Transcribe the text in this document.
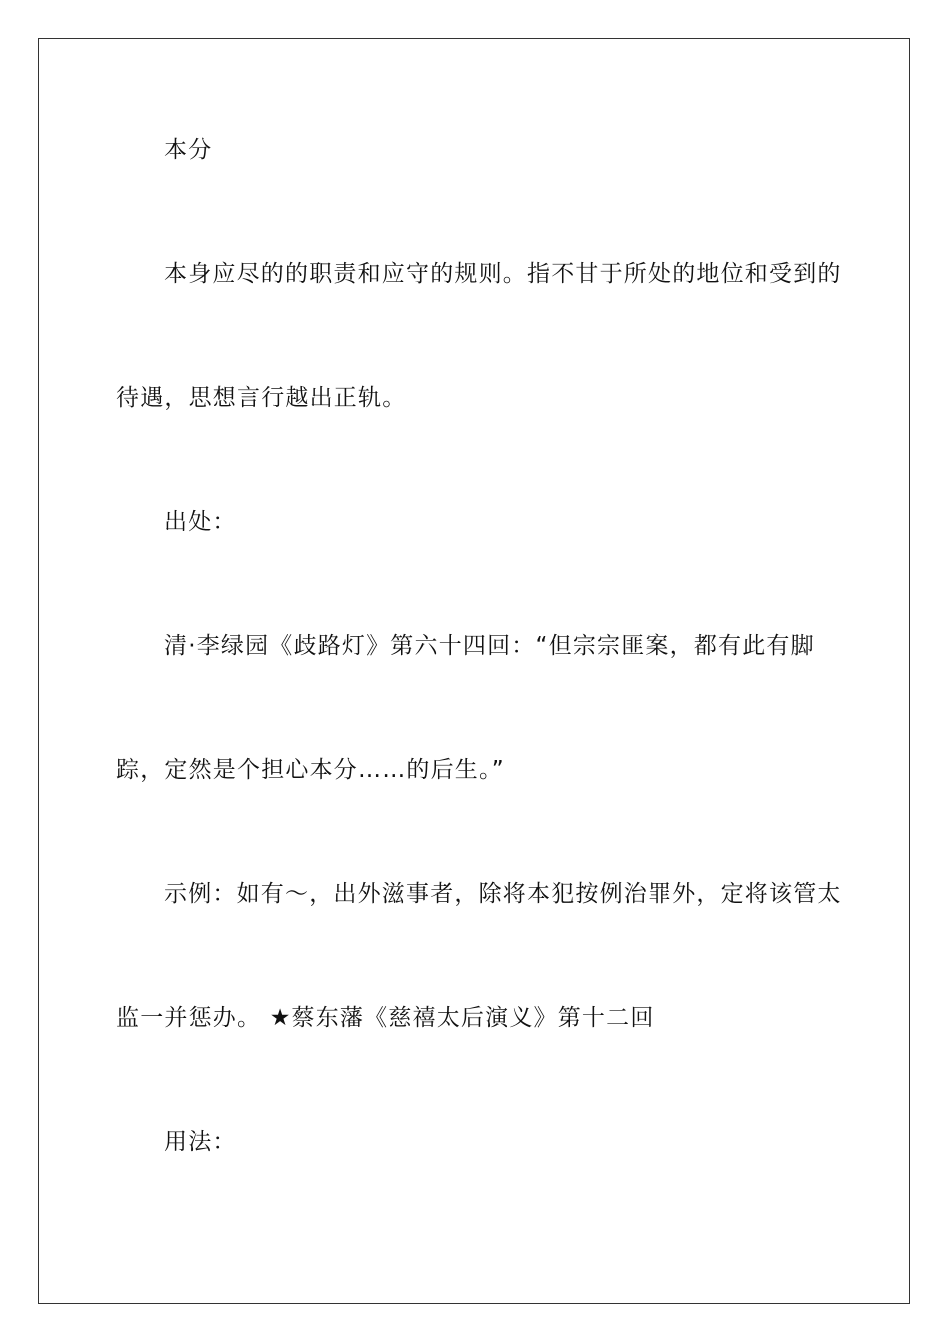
本分
本身应尽的的职责和应守的规则。指不甘于所处的地位和受到的
待遇，思想言行越出正轨。
出处：
清·李绿园《歧路灯》第六十四回：“但宗宗匪案，都有此有脚
踪，定然是个担心本分……的后生。”
示例：如有～，出外滋事者，除将本犯按例治罪外，定将该管太
监一并惩办。 ★蔡东藩《慈禧太后演义》第十二回
用法：
